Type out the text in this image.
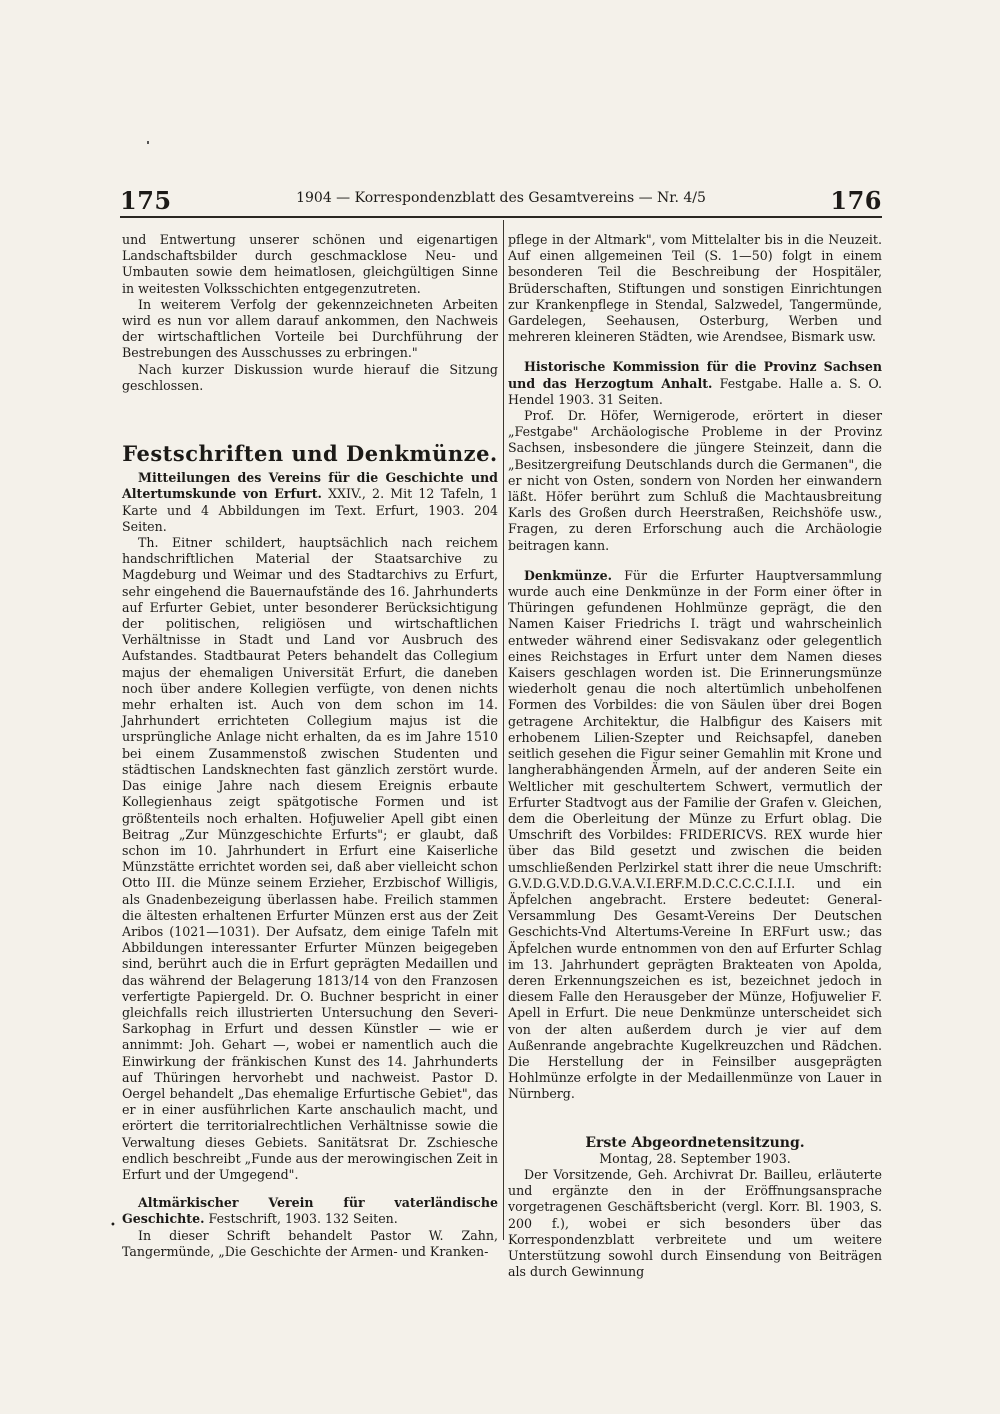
175	1904 — Korrespondenzblatt des Gesamtvereins — Nr. 4/5	176

und Entwertung unserer schönen und eigenartigen Landschaftsbilder durch geschmacklose Neu- und Umbauten sowie dem heimatlosen, gleichgültigen Sinne in weitesten Volksschichten entgegenzutreten.

In weiterem Verfolg der gekennzeichneten Arbeiten wird es nun vor allem darauf ankommen, den Nachweis der wirtschaftlichen Vorteile bei Durchführung der Bestrebungen des Ausschusses zu erbringen."

Nach kurzer Diskussion wurde hierauf die Sitzung geschlossen.

Festschriften und Denkmünze.

Mitteilungen des Vereins für die Geschichte und Altertumskunde von Erfurt. XXIV., 2. Mit 12 Tafeln, 1 Karte und 4 Abbildungen im Text. Erfurt, 1903. 204 Seiten.

Th. Eitner schildert, hauptsächlich nach reichem handschriftlichen Material der Staatsarchive zu Magdeburg und Weimar und des Stadtarchivs zu Erfurt, sehr eingehend die Bauernaufstände des 16. Jahrhunderts auf Erfurter Gebiet, unter besonderer Berücksichtigung der politischen, religiösen und wirtschaftlichen Verhältnisse in Stadt und Land vor Ausbruch des Aufstandes. Stadtbaurat Peters behandelt das Collegium majus der ehemaligen Universität Erfurt, die daneben noch über andere Kollegien verfügte, von denen nichts mehr erhalten ist. Auch von dem schon im 14. Jahrhundert errichteten Collegium majus ist die ursprüngliche Anlage nicht erhalten, da es im Jahre 1510 bei einem Zusammenstoß zwischen Studenten und städtischen Landsknechten fast gänzlich zerstört wurde. Das einige Jahre nach diesem Ereignis erbaute Kollegienhaus zeigt spätgotische Formen und ist größtenteils noch erhalten. Hofjuwelier Apell gibt einen Beitrag „Zur Münzgeschichte Erfurts"; er glaubt, daß schon im 10. Jahrhundert in Erfurt eine Kaiserliche Münzstätte errichtet worden sei, daß aber vielleicht schon Otto III. die Münze seinem Erzieher, Erzbischof Willigis, als Gnadenbezeigung überlassen habe. Freilich stammen die ältesten erhaltenen Erfurter Münzen erst aus der Zeit Aribos (1021—1031). Der Aufsatz, dem einige Tafeln mit Abbildungen interessanter Erfurter Münzen beigegeben sind, berührt auch die in Erfurt geprägten Medaillen und das während der Belagerung 1813/14 von den Franzosen verfertigte Papiergeld. Dr. O. Buchner bespricht in einer gleichfalls reich illustrierten Untersuchung den Severi-Sarkophag in Erfurt und dessen Künstler — wie er annimmt: Joh. Gehart —, wobei er namentlich auch die Einwirkung der fränkischen Kunst des 14. Jahrhunderts auf Thüringen hervorhebt und nachweist. Pastor D. Oergel behandelt „Das ehemalige Erfurtische Gebiet", das er in einer ausführlichen Karte anschaulich macht, und erörtert die territorialrechtlichen Verhältnisse sowie die Verwaltung dieses Gebiets. Sanitätsrat Dr. Zschiesche endlich beschreibt „Funde aus der merowingischen Zeit in Erfurt und der Umgegend".

Altmärkischer Verein für vaterländische Geschichte. Festschrift, 1903. 132 Seiten.

In dieser Schrift behandelt Pastor W. Zahn, Tangermünde, „Die Geschichte der Armen- und Kranken-

pflege in der Altmark", vom Mittelalter bis in die Neuzeit. Auf einen allgemeinen Teil (S. 1—50) folgt in einem besonderen Teil die Beschreibung der Hospitäler, Brüderschaften, Stiftungen und sonstigen Einrichtungen zur Krankenpflege in Stendal, Salzwedel, Tangermünde, Gardelegen, Seehausen, Osterburg, Werben und mehreren kleineren Städten, wie Arendsee, Bismark usw.

Historische Kommission für die Provinz Sachsen und das Herzogtum Anhalt. Festgabe. Halle a. S. O. Hendel 1903. 31 Seiten.

Prof. Dr. Höfer, Wernigerode, erörtert in dieser „Festgabe" Archäologische Probleme in der Provinz Sachsen, insbesondere die jüngere Steinzeit, dann die „Besitzergreifung Deutschlands durch die Germanen", die er nicht von Osten, sondern von Norden her einwandern läßt. Höfer berührt zum Schluß die Machtausbreitung Karls des Großen durch Heerstraßen, Reichshöfe usw., Fragen, zu deren Erforschung auch die Archäologie beitragen kann.

Denkmünze. Für die Erfurter Hauptversammlung wurde auch eine Denkmünze in der Form einer öfter in Thüringen gefundenen Hohlmünze geprägt, die den Namen Kaiser Friedrichs I. trägt und wahrscheinlich entweder während einer Sedisvakanz oder gelegentlich eines Reichstages in Erfurt unter dem Namen dieses Kaisers geschlagen worden ist. Die Erinnerungsmünze wiederholt genau die noch altertümlich unbeholfenen Formen des Vorbildes: die von Säulen über drei Bogen getragene Architektur, die Halbfigur des Kaisers mit erhobenem Lilien-Szepter und Reichsapfel, daneben seitlich gesehen die Figur seiner Gemahlin mit Krone und langherabhängenden Ärmeln, auf der anderen Seite ein Weltlicher mit geschultertem Schwert, vermutlich der Erfurter Stadtvogt aus der Familie der Grafen v. Gleichen, dem die Oberleitung der Münze zu Erfurt oblag. Die Umschrift des Vorbildes: FRIDERICVS. REX wurde hier über das Bild gesetzt und zwischen die beiden umschließenden Perlzirkel statt ihrer die neue Umschrift: G.V.D.G.V.D.D.G.V.A.V.I.ERF.M.D.C.C.C.C.I.I.I. und ein Äpfelchen angebracht. Erstere bedeutet: General-Versammlung Des Gesamt-Vereins Der Deutschen Geschichts-Vnd Altertums-Vereine In ERFurt usw.; das Äpfelchen wurde entnommen von den auf Erfurter Schlag im 13. Jahrhundert geprägten Brakteaten von Apolda, deren Erkennungszeichen es ist, bezeichnet jedoch in diesem Falle den Herausgeber der Münze, Hofjuwelier F. Apell in Erfurt. Die neue Denkmünze unterscheidet sich von der alten außerdem durch je vier auf dem Außenrande angebrachte Kugelkreuzchen und Rädchen. Die Herstellung der in Feinsilber ausgeprägten Hohlmünze erfolgte in der Medaillenmünze von Lauer in Nürnberg.

Erste Abgeordnetensitzung.
Montag, 28. September 1903.

Der Vorsitzende, Geh. Archivrat Dr. Bailleu, erläuterte und ergänzte den in der Eröffnungsansprache vorgetragenen Geschäftsbericht (vergl. Korr. Bl. 1903, S. 200 f.), wobei er sich besonders über das Korrespondenzblatt verbreitete und um weitere Unterstützung sowohl durch Einsendung von Beiträgen als durch Gewinnung

•
